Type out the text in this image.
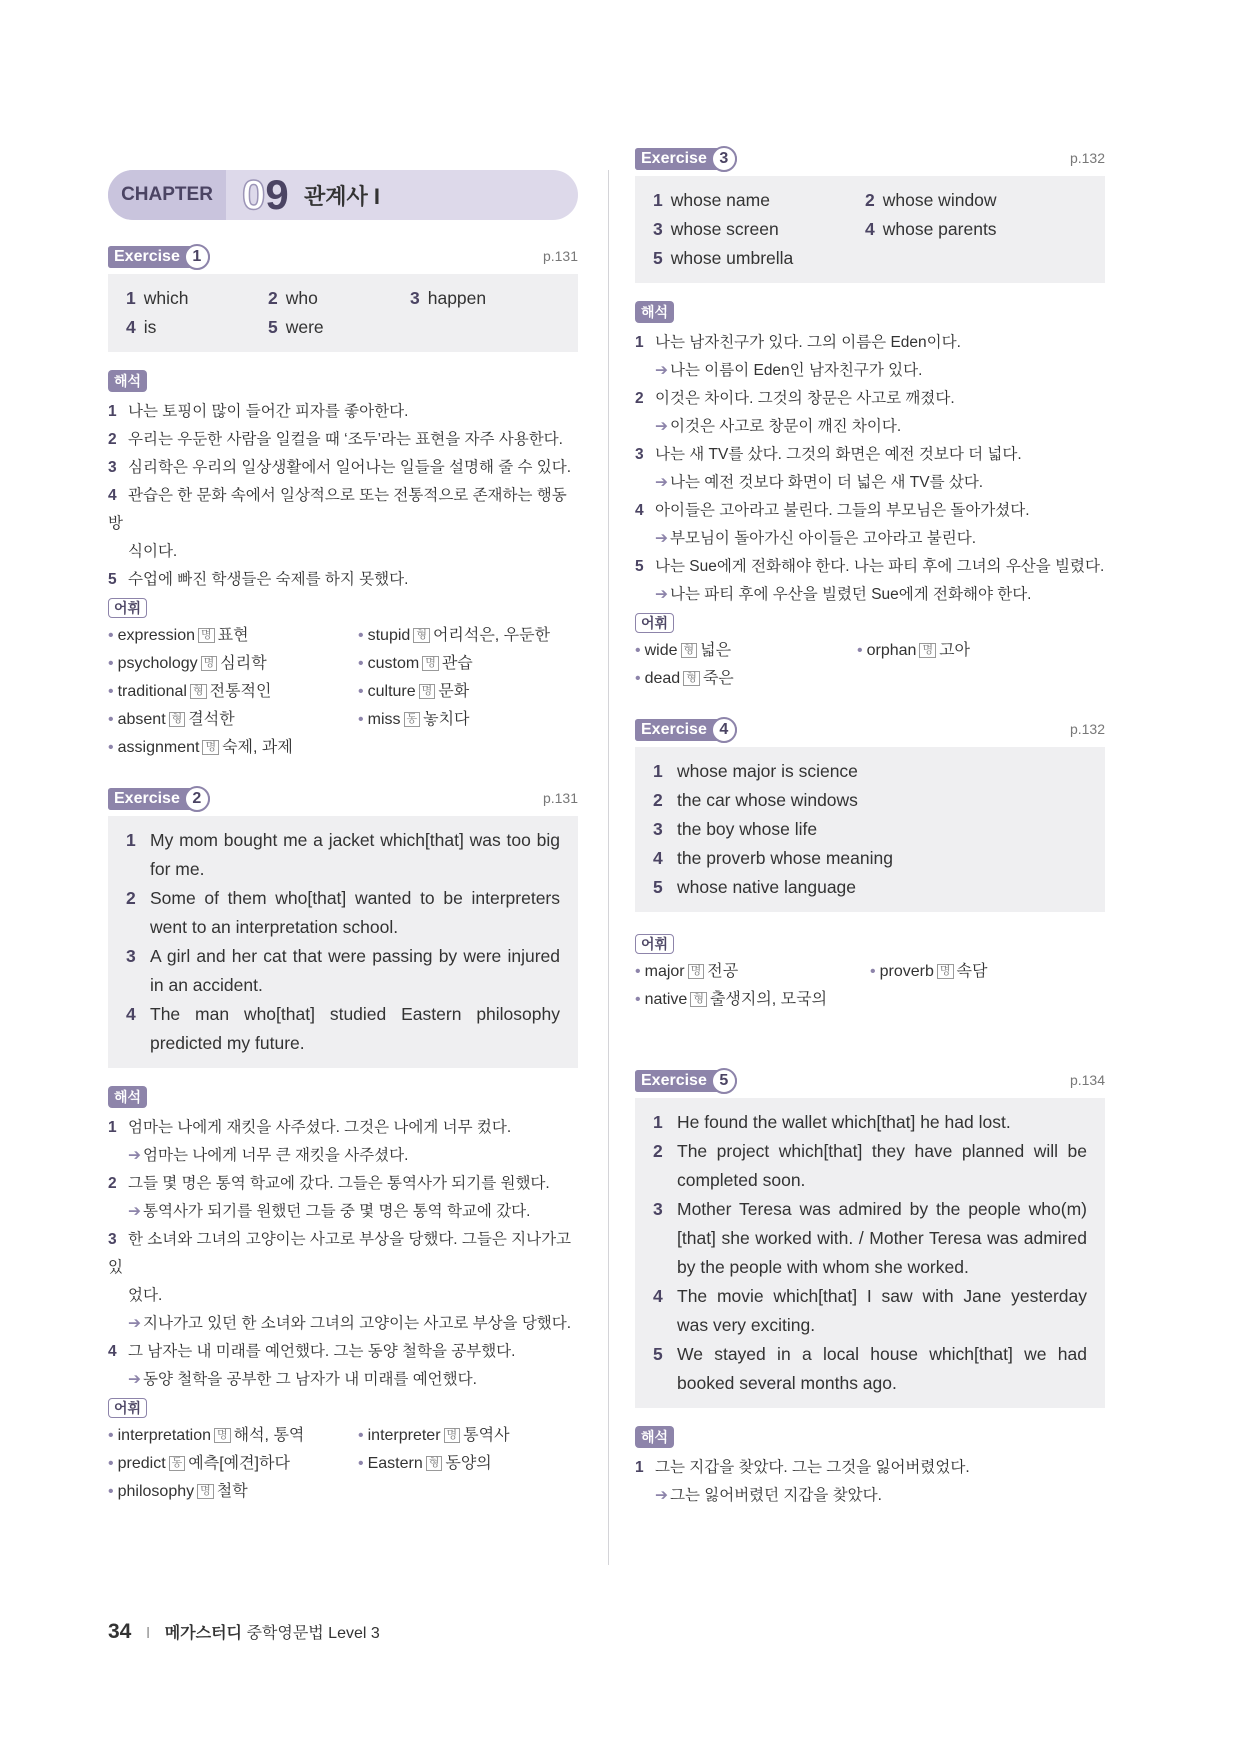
CHAPTER 09 관계사 I
Exercise 1	p.131
1 which	2 who	3 happen
4 is	5 were
해석
1 나는 토핑이 많이 들어간 피자를 좋아한다.
2 우리는 우둔한 사람을 일컬을 때 ‘조두’라는 표현을 자주 사용한다.
3 심리학은 우리의 일상생활에서 일어나는 일들을 설명해 줄 수 있다.
4 관습은 한 문화 속에서 일상적으로 또는 전통적으로 존재하는 행동 방
식이다.
5 수업에 빠진 학생들은 숙제를 하지 못했다.
어휘
• expression 명 표현	• stupid 형 어리석은, 우둔한
• psychology 명 심리학	• custom 명 관습
• traditional 형 전통적인	• culture 명 문화
• absent 형 결석한	• miss 동 놓치다
• assignment 명 숙제, 과제
Exercise 2	p.131
1 My mom bought me a jacket which[that] was too big for me.
2 Some of them who[that] wanted to be interpreters went to an interpretation school.
3 A girl and her cat that were passing by were injured in an accident.
4 The man who[that] studied Eastern philosophy predicted my future.
해석
1 엄마는 나에게 재킷을 사주셨다. 그것은 나에게 너무 컸다.
➔ 엄마는 나에게 너무 큰 재킷을 사주셨다.
2 그들 몇 명은 통역 학교에 갔다. 그들은 통역사가 되기를 원했다.
➔ 통역사가 되기를 원했던 그들 중 몇 명은 통역 학교에 갔다.
3 한 소녀와 그녀의 고양이는 사고로 부상을 당했다. 그들은 지나가고 있
었다.
➔ 지나가고 있던 한 소녀와 그녀의 고양이는 사고로 부상을 당했다.
4 그 남자는 내 미래를 예언했다. 그는 동양 철학을 공부했다.
➔ 동양 철학을 공부한 그 남자가 내 미래를 예언했다.
어휘
• interpretation 명 해석, 통역	• interpreter 명 통역사
• predict 동 예측[예견]하다	• Eastern 형 동양의
• philosophy 명 철학
Exercise 3	p.132
1 whose name	2 whose window
3 whose screen	4 whose parents
5 whose umbrella
해석
1 나는 남자친구가 있다. 그의 이름은 Eden이다.
➔ 나는 이름이 Eden인 남자친구가 있다.
2 이것은 차이다. 그것의 창문은 사고로 깨졌다.
➔ 이것은 사고로 창문이 깨진 차이다.
3 나는 새 TV를 샀다. 그것의 화면은 예전 것보다 더 넓다.
➔ 나는 예전 것보다 화면이 더 넓은 새 TV를 샀다.
4 아이들은 고아라고 불린다. 그들의 부모님은 돌아가셨다.
➔ 부모님이 돌아가신 아이들은 고아라고 불린다.
5 나는 Sue에게 전화해야 한다. 나는 파티 후에 그녀의 우산을 빌렸다.
➔ 나는 파티 후에 우산을 빌렸던 Sue에게 전화해야 한다.
어휘
• wide 형 넓은	• orphan 명 고아
• dead 형 죽은
Exercise 4	p.132
1 whose major is science
2 the car whose windows
3 the boy whose life
4 the proverb whose meaning
5 whose native language
어휘
• major 명 전공	• proverb 명 속담
• native 형 출생지의, 모국의
Exercise 5	p.134
1 He found the wallet which[that] he had lost.
2 The project which[that] they have planned will be completed soon.
3 Mother Teresa was admired by the people who(m) [that] she worked with. / Mother Teresa was admired by the people with whom she worked.
4 The movie which[that] I saw with Jane yesterday was very exciting.
5 We stayed in a local house which[that] we had booked several months ago.
해석
1 그는 지갑을 찾았다. 그는 그것을 잃어버렸었다.
➔ 그는 잃어버렸던 지갑을 찾았다.
34 I 메가스터디 중학영문법 Level 3
